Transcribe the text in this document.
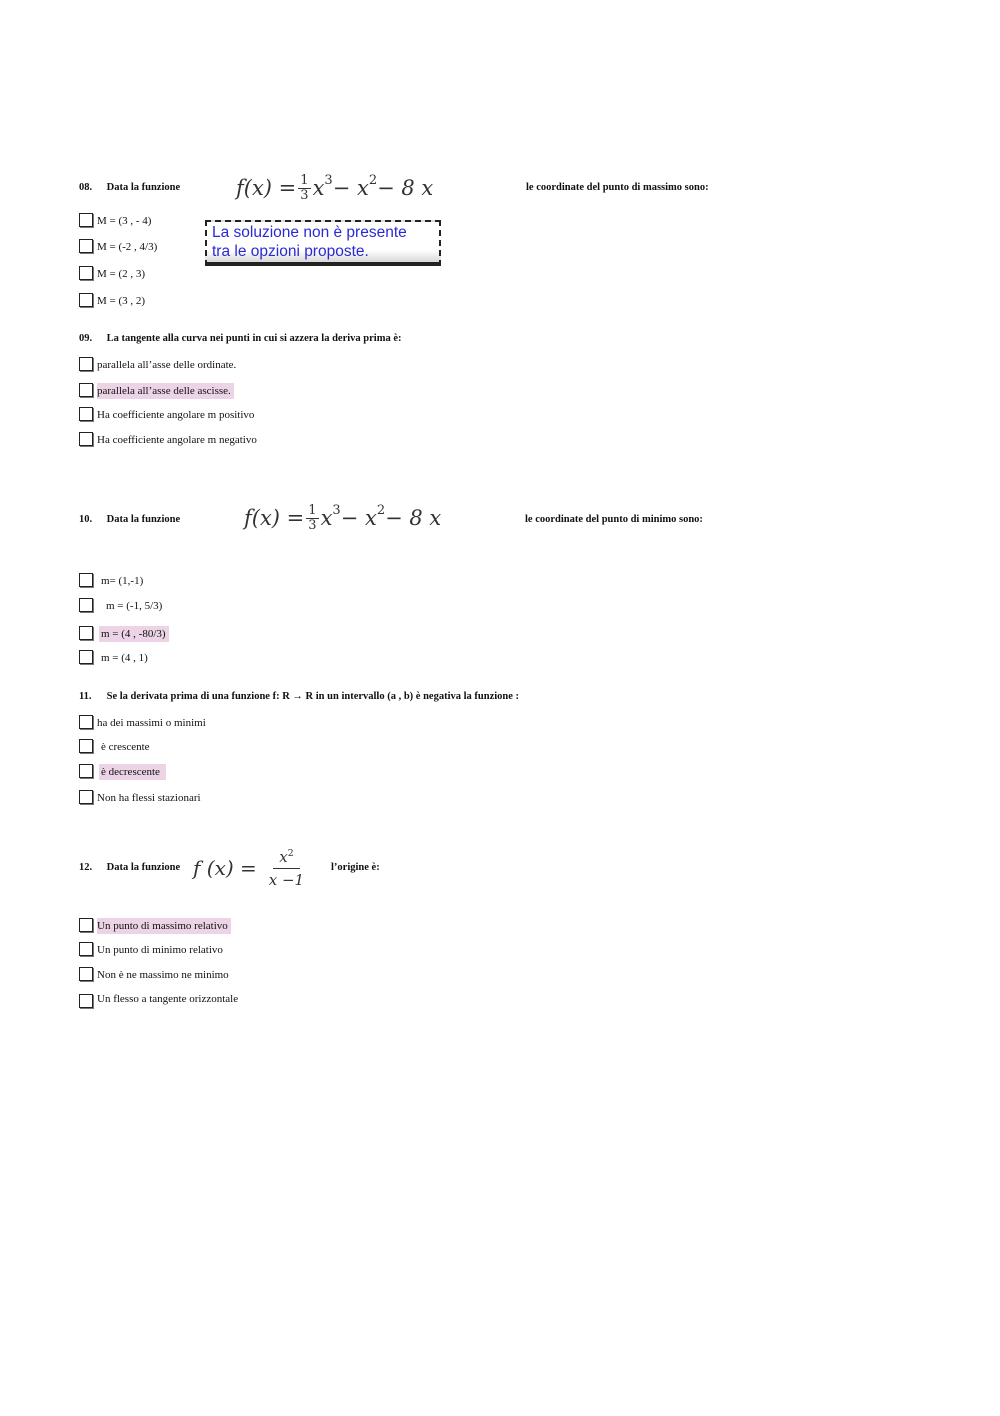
08. Data la funzione	$f(x) = \frac{1}{3}$ x 3 − x 2 − 8 x	le coordinate del punto di massimo sono:
M = (3 , - 4)
M = (-2 , 4/3)
M = (2 , 3)
M = (3 , 2)
La soluzione non è presente
tra le opzioni proposte.
09. La tangente alla curva nei punti in cui si azzera la deriva prima è:
parallela all’asse delle ordinate.
parallela all’asse delle ascisse.
Ha coefficiente angolare m positivo
Ha coefficiente angolare m negativo
10. Data la funzione	$f(x) = \frac{1}{3}$ x 3 − x 2 − 8 x	le coordinate del punto di minimo sono:
m= (1,-1)
m = (-1, 5/3)
m = (4 , -80/3)
m = (4 , 1)
11. Se la derivata prima di una funzione f: R → R in un intervallo (a , b) è negativa la funzione :
ha dei massimi o minimi
è crescente
è decrescente
Non ha flessi stazionari
12. Data la funzione f $(x) = \frac{x^2}{x -1}$ l’origine è:
Un punto di massimo relativo
Un punto di minimo relativo
Non è ne massimo ne minimo
Un flesso a tangente orizzontale
